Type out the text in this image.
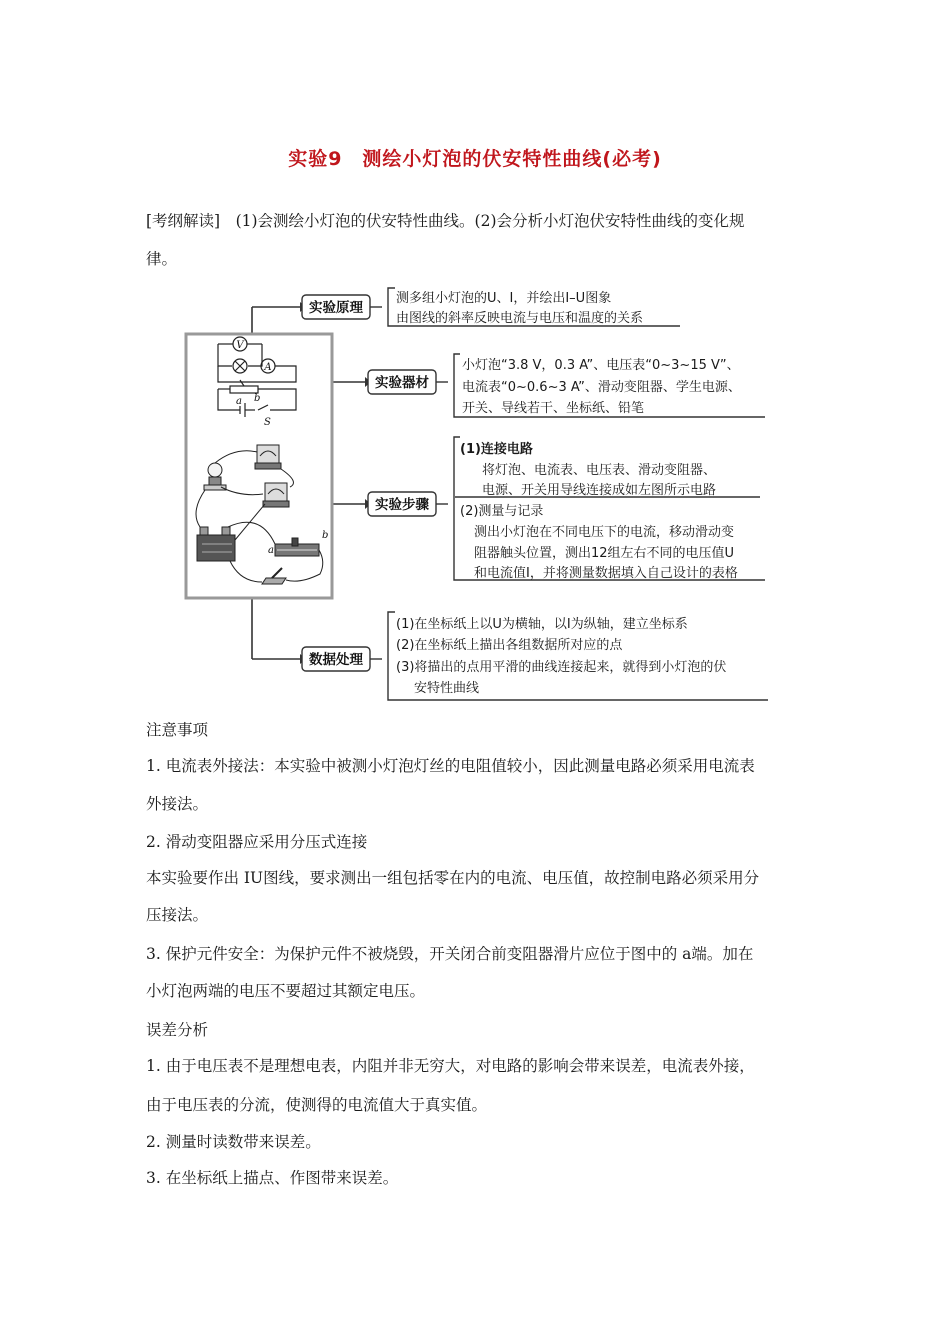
实验9　测绘小灯泡的伏安特性曲线(必考)
[考纲解读]　(1)会测绘小灯泡的伏安特性曲线。(2)会分析小灯泡伏安特性曲线的变化规
律。
实验原理
实验器材
实验步骤
数据处理
测多组小灯泡的U、I，并绘出I–U图象
由图线的斜率反映电流与电压和温度的关系
小灯泡“3.8 V，0.3 A”、电压表“0~3~15 V”、
电流表“0~0.6~3 A”、滑动变阻器、学生电源、
开关、导线若干、坐标纸、铅笔
(1)连接电路
将灯泡、电流表、电压表、滑动变阻器、
电源、开关用导线连接成如左图所示电路
(2)测量与记录
测出小灯泡在不同电压下的电流，移动滑动变
阻器触头位置，测出12组左右不同的电压值U
和电流值I，并将测量数据填入自己设计的表格
(1)在坐标纸上以U为横轴，以I为纵轴，建立坐标系
(2)在坐标纸上描出各组数据所对应的点
(3)将描出的点用平滑的曲线连接起来，就得到小灯泡的伏
安特性曲线
V
A
a b
S
b
a
注意事项
1. 电流表外接法：本实验中被测小灯泡灯丝的电阻值较小，因此测量电路必须采用电流表
外接法。
2. 滑动变阻器应采用分压式连接
本实验要作出 IU图线，要求测出一组包括零在内的电流、电压值，故控制电路必须采用分
压接法。
3. 保护元件安全：为保护元件不被烧毁，开关闭合前变阻器滑片应位于图中的 a端。加在
小灯泡两端的电压不要超过其额定电压。
误差分析
1. 由于电压表不是理想电表，内阻并非无穷大，对电路的影响会带来误差，电流表外接，
由于电压表的分流，使测得的电流值大于真实值。
2. 测量时读数带来误差。
3. 在坐标纸上描点、作图带来误差。
